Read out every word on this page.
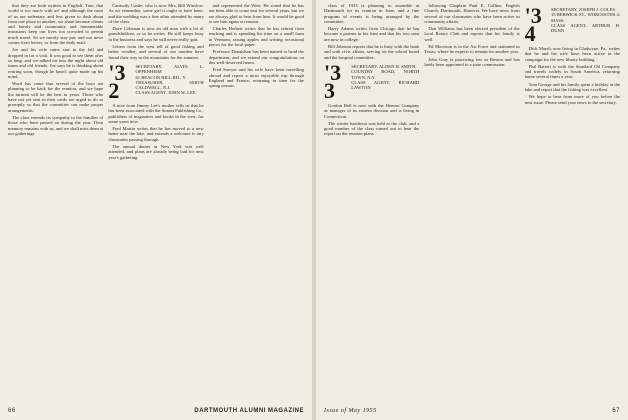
that they are both written in English. True, that world is too much with us! and although the most of us are sedentary and less given to dash about from one place to another, we share because clients and family and community and innumerable intrusions keep our lives too crowded to permit much travel. So we mostly stay put, and our news comes from letters, or from the daily mail.

Joe and his wife came east in the fall and dropped in for a visit. It was good to see them after so long, and we talked far into the night about old times and old friends. Joe says he is thinking about retiring soon, though he hasn't quite made up his mind.

Word has come that several of the boys are planning to be back for the reunion, and we hope the turnout will be the best in years. Those who have not yet sent in their cards are urged to do so promptly so that the committee can make proper arrangements.

The class extends its sympathy to the families of those who have passed on during the year. Their memory remains with us, and we shall miss them at our gatherings.

Carmody Castle, who is now Mrs. Bill Winslow. As we remember, some girl it ought to have been, and the wedding was a fine affair attended by many of the class.

Dave Coleman is now an old man with a lot of grandchildren, or so he writes. He still keeps busy in the business and says he will never really quit.

Letters from the west tell of good fishing and better weather, and several of our number have found their way to the mountains for the summer.

'32
SECRETARY, ALVIN L. OPPENHEIM
61 BEACON HILL RD., Y.
TREASURER, SMITH CALDWELL, N.J.
CLASS AGENT, JOHN W. LEE

A note from Jimmy Lee's mother tells us that he has been associated with the Sunset Publishing Co., publishers of magazines and books in the west, for some years now.

Fred Martin writes that he has moved to a new home near the lake, and extends a welcome to any classmates passing through.

The annual dinner in New York was well attended, and plans are already being laid for next year's gathering.

and represented the West. He stated that he has not been able to come east for several years, but we are always glad to hear from him. It would be good to see him again at reunion.

Charles Herbert writes that he has retired from teaching and is spending his time on a small farm in Vermont, raising apples and writing occasional pieces for the local paper.

Professor Donaldson has been named to head the department, and we extend our congratulations on this well-deserved honor.

Fred Sawyer and his wife have been travelling abroad and report a most enjoyable trip through England and France, returning in time for the spring season.

66	DARTMOUTH ALUMNI MAGAZINE

class of 1933 is planning to assemble at Dartmouth for its reunion in June, and a fine program of events is being arranged by the committee.

Harry Adams writes from Chicago that he has become a partner in his firm and that his two sons are now in college.

Bill Johnson reports that he is busy with the bank and with civic affairs, serving on the school board and the hospital committee.

'33
SECRETARY, ALDEN H. SMITH
COUNTRY ROAD, NORTH TOWN, N.Y.
CLASS AGENT, RICHARD LAWTON

Gordon Bell is now with the Henson Company as manager of its eastern division and is living in Connecticut.

The winter luncheon was held at the club, and a good number of the class turned out to hear the report on the reunion plans.

following Chaplain Paul E. Collins, English Church, Dartmouth, Hanover. We have news from several of our classmates who have been active in community affairs.

Don Williams has been elected president of the local Rotary Club and reports that his family is well.

Ed Morrison is in the Air Force and stationed in Texas, where he expects to remain for another year.

John Gray is practicing law in Boston and has lately been appointed to a state commission.

'34
SECRETARY, JOSEPH J. COLES
15 BERWICK ST., WORCESTER 4, MASS.
CLASS AGENT, ARTHUR H. DUNN

Dick Marsh, now living in Gladwyne, Pa., writes that he and his wife have been active in the campaign for the new library building.

Phil Barrett is with the Standard Oil Company and travels widely in South America, returning home several times a year.

Tom George and his family spent a holiday at the lake and report that the fishing was excellent.

We hope to hear from more of you before the next issue. Please send your news to the secretary.

Issue of May 1955	67
